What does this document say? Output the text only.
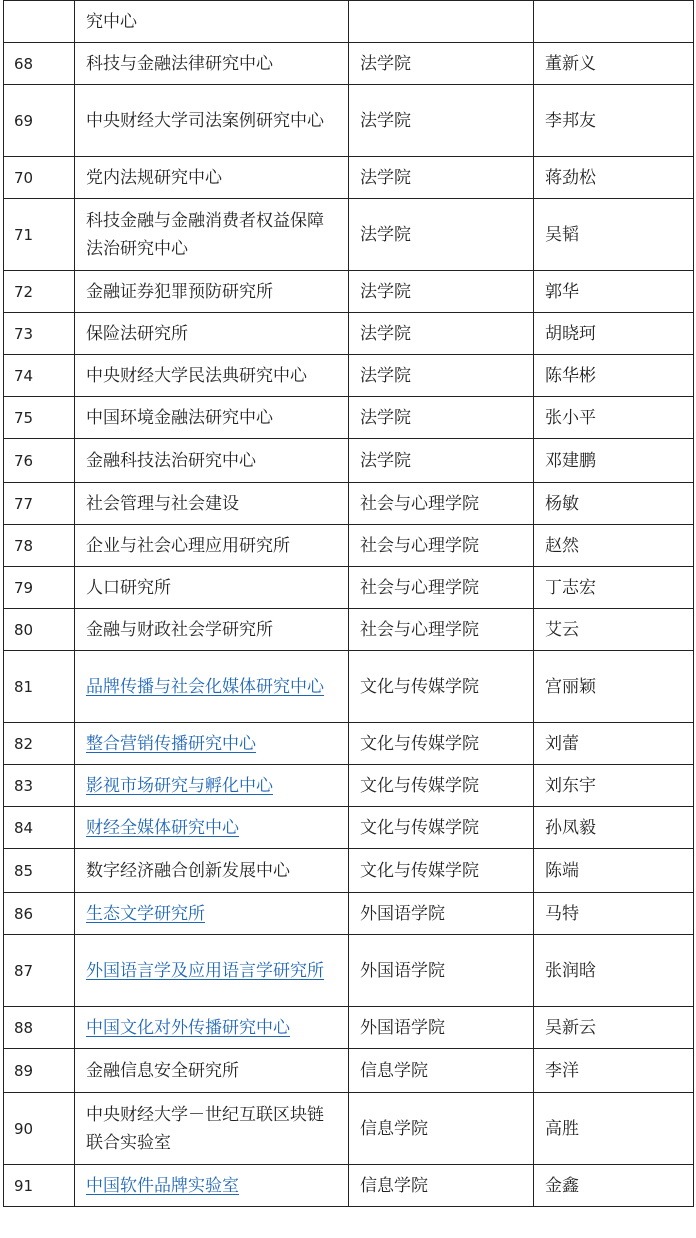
	究中心		
68	科技与金融法律研究中心	法学院	董新义
69	中央财经大学司法案例研究中心	法学院	李邦友
70	党内法规研究中心	法学院	蒋劲松
71	科技金融与金融消费者权益保障法治研究中心	法学院	吴韬
72	金融证券犯罪预防研究所	法学院	郭华
73	保险法研究所	法学院	胡晓珂
74	中央财经大学民法典研究中心	法学院	陈华彬
75	中国环境金融法研究中心	法学院	张小平
76	金融科技法治研究中心	法学院	邓建鹏
77	社会管理与社会建设	社会与心理学院	杨敏
78	企业与社会心理应用研究所	社会与心理学院	赵然
79	人口研究所	社会与心理学院	丁志宏
80	金融与财政社会学研究所	社会与心理学院	艾云
81	品牌传播与社会化媒体研究中心	文化与传媒学院	宫丽颖
82	整合营销传播研究中心	文化与传媒学院	刘蕾
83	影视市场研究与孵化中心	文化与传媒学院	刘东宇
84	财经全媒体研究中心	文化与传媒学院	孙凤毅
85	数字经济融合创新发展中心	文化与传媒学院	陈端
86	生态文学研究所	外国语学院	马特
87	外国语言学及应用语言学研究所	外国语学院	张润晗
88	中国文化对外传播研究中心	外国语学院	吴新云
89	金融信息安全研究所	信息学院	李洋
90	中央财经大学－世纪互联区块链联合实验室	信息学院	高胜
91	中国软件品牌实验室	信息学院	金鑫
